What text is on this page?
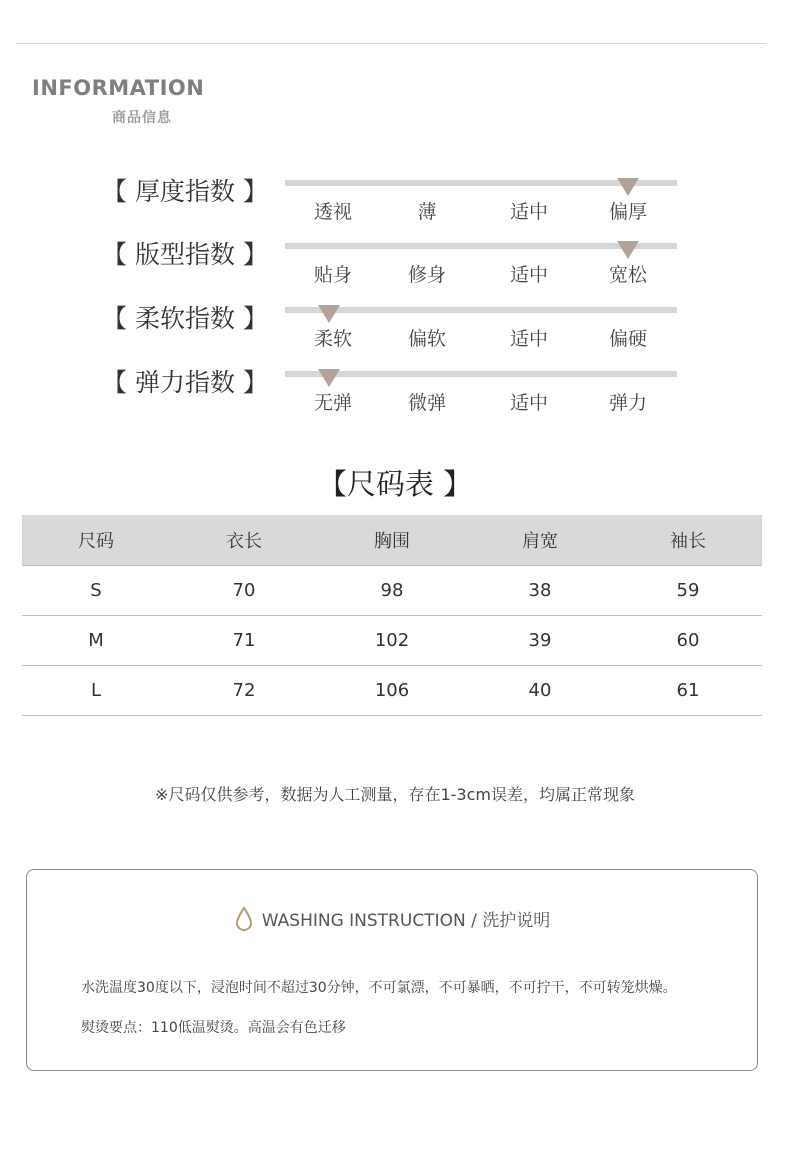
INFORMATION
商品信息
【 厚度指数 】
透视	薄	适中	偏厚
【 版型指数 】
贴身	修身	适中	宽松
【 柔软指数 】
柔软	偏软	适中	偏硬
【 弹力指数 】
无弹	微弹	适中	弹力
【尺码表 】
尺码	衣长	胸围	肩宽	袖长
S	70	98	38	59
M	71	102	39	60
L	72	106	40	61
※尺码仅供参考，数据为人工测量，存在1-3cm误差，均属正常现象
WASHING INSTRUCTION / 洗护说明
水洗温度30度以下，浸泡时间不超过30分钟，不可氯漂，不可暴晒，不可拧干，不可转笼烘燥。
熨烫要点：110低温熨烫。高温会有色迁移
